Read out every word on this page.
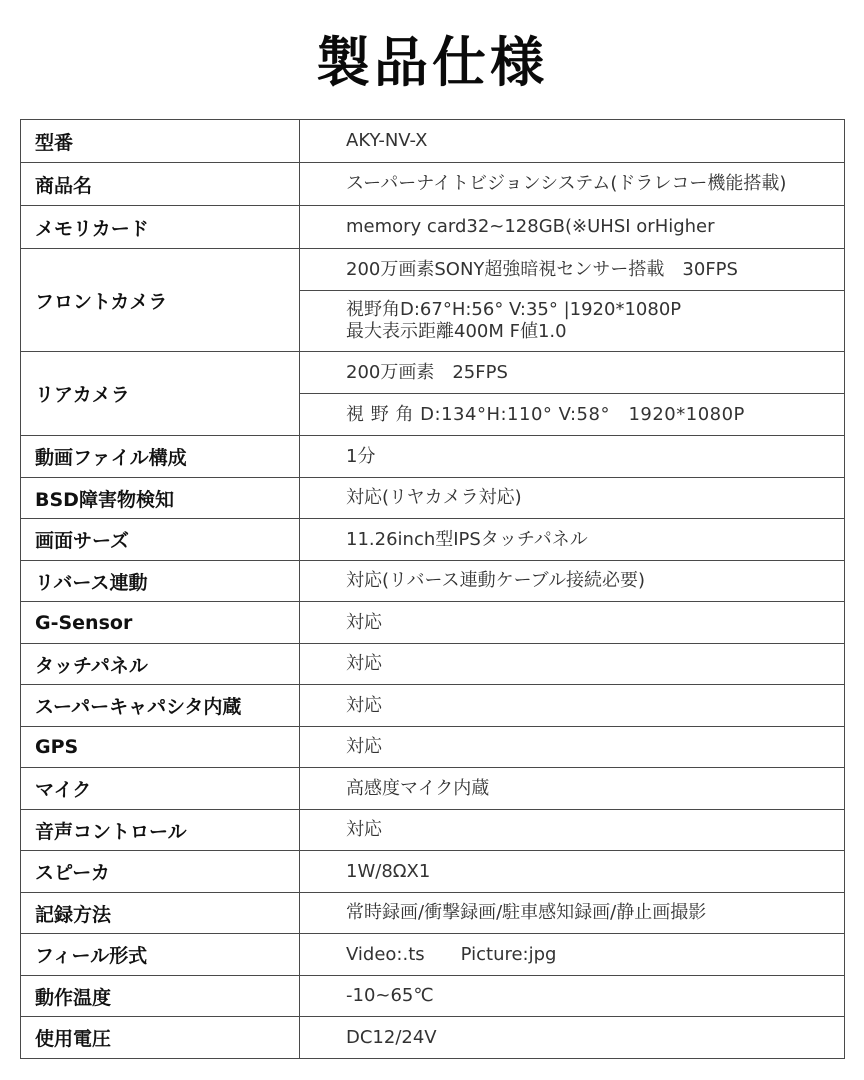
製品仕様
型番	AKY-NV-X
商品名	スーパーナイトビジョンシステム(ドラレコー機能搭載)
メモリカード	memory card32~128GB(※UHSI orHigher
フロントカメラ	200万画素SONY超強暗視センサー搭載　30FPS

	視野角D:67°H:56° V:35° |1920*1080P
最大表示距離400M F値1.0

リアカメラ	200万画素　25FPS
	視 野 角 D:134°H:110° V:58°　1920*1080P
動画ファイル構成	1分
BSD障害物検知	対応(リヤカメラ対応)
画面サーズ	11.26inch型IPSタッチパネル
リバース連動	対応(リバース連動ケーブル接続必要)
G-Sensor	対応
タッチパネル	対応
スーパーキャパシタ内蔵	対応
GPS	対応
マイク	高感度マイク内蔵
音声コントロール	対応
スピーカ	1W/8ΩX1
記録方法	常時録画/衝撃録画/駐車感知録画/静止画撮影
フィール形式	Video:.ts　　Picture:jpg
動作温度	-10~65℃
使用電圧	DC12/24V
